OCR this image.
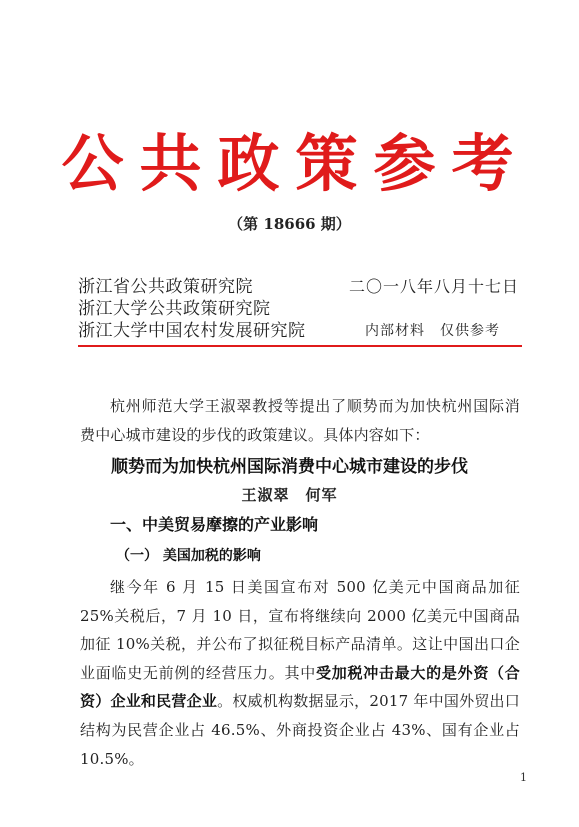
公共政策参考
（第 18666 期）
浙江省公共政策研究院
浙江大学公共政策研究院
浙江大学中国农村发展研究院
二〇一八年八月十七日
内部材料　仅供参考
杭州师范大学王淑翠教授等提出了顺势而为加快杭州国际消费中心城市建设的步伐的政策建议。具体内容如下：
顺势而为加快杭州国际消费中心城市建设的步伐
王淑翠　何军
一、中美贸易摩擦的产业影响
（一） 美国加税的影响
继今年 6 月 15 日美国宣布对 500 亿美元中国商品加征 25%关税后，7 月 10 日，宣布将继续向 2000 亿美元中国商品加征 10%关税，并公布了拟征税目标产品清单。这让中国出口企业面临史无前例的经营压力。其中受加税冲击最大的是外资（合资）企业和民营企业。权威机构数据显示，2017 年中国外贸出口结构为民营企业占 46.5%、外商投资企业占 43%、国有企业占 10.5%。
1
